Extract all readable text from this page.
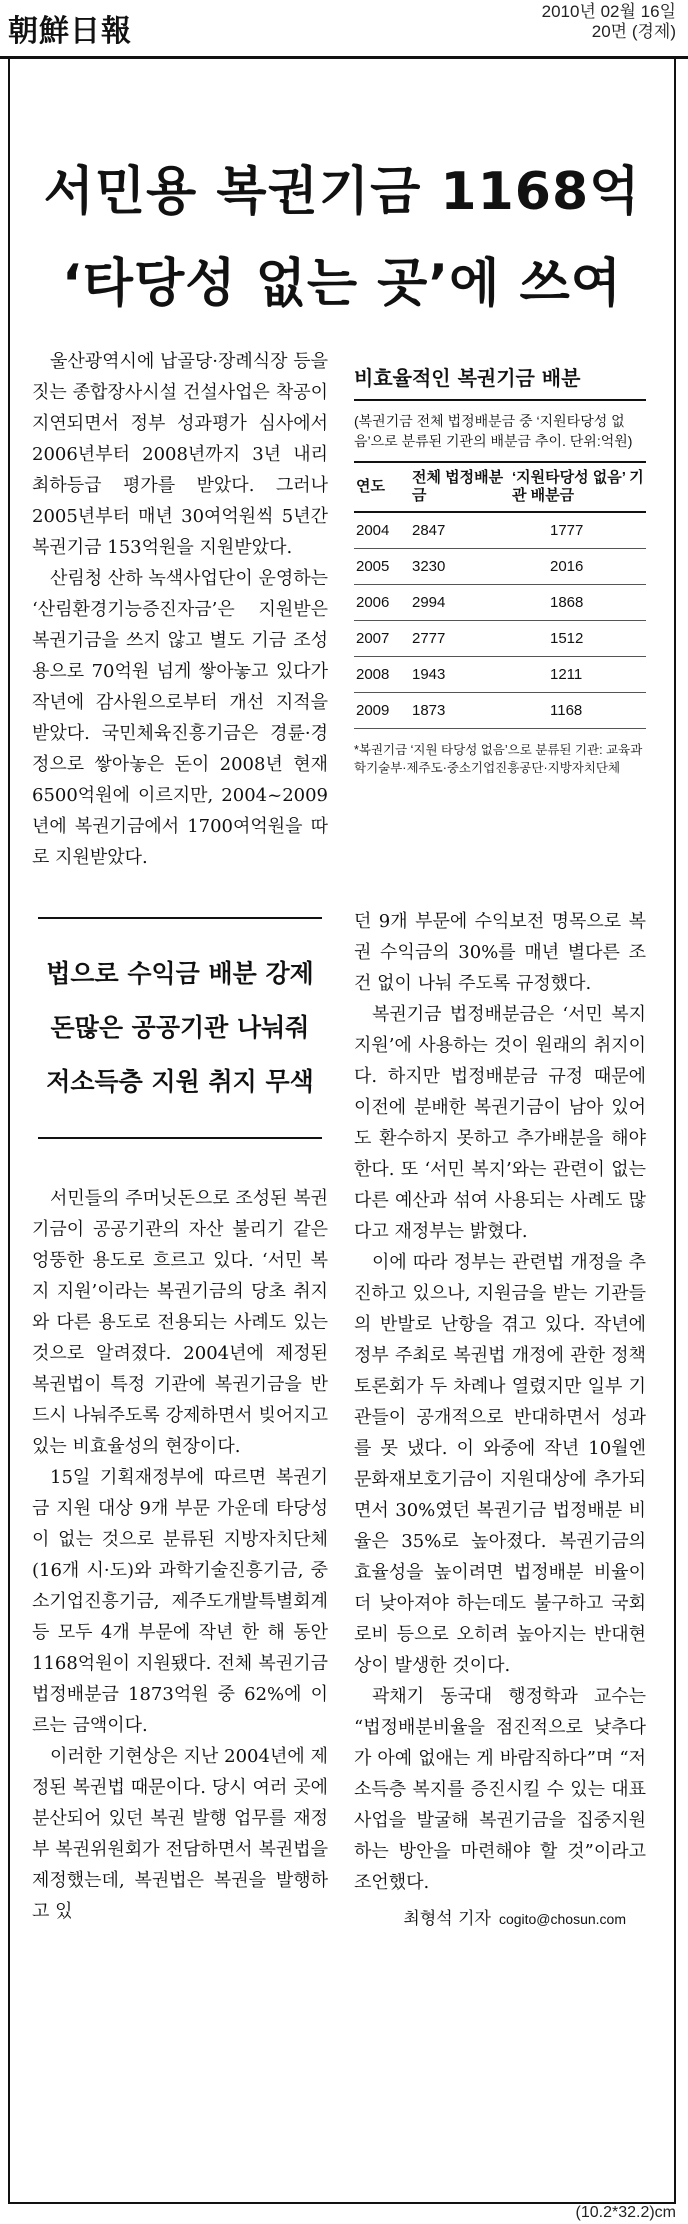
朝鮮日報
2010년 02월 16일
20면 (경제)
서민용 복권기금 1168억
‘타당성 없는 곳’에 쓰여

울산광역시에 납골당·장례식장 등을 짓는 종합장사시설 건설사업은 착공이 지연되면서 정부 성과평가 심사에서 2006년부터 2008년까지 3년 내리 최하등급 평가를 받았다. 그러나 2005년부터 매년 30여억원씩 5년간 복권기금 153억원을 지원받았다.

산림청 산하 녹색사업단이 운영하는 ‘산림환경기능증진자금’은 지원받은 복권기금을 쓰지 않고 별도 기금 조성용으로 70억원 넘게 쌓아놓고 있다가 작년에 감사원으로부터 개선 지적을 받았다. 국민체육진흥기금은 경륜·경정으로 쌓아놓은 돈이 2008년 현재 6500억원에 이르지만, 2004~2009년에 복권기금에서 1700여억원을 따로 지원받았다.

법으로 수익금 배분 강제
돈많은 공공기관 나눠줘
저소득층 지원 취지 무색

서민들의 주머닛돈으로 조성된 복권기금이 공공기관의 자산 불리기 같은 엉뚱한 용도로 흐르고 있다. ‘서민 복지 지원’이라는 복권기금의 당초 취지와 다른 용도로 전용되는 사례도 있는 것으로 알려졌다. 2004년에 제정된 복권법이 특정 기관에 복권기금을 반드시 나눠주도록 강제하면서 빚어지고 있는 비효율성의 현장이다.

15일 기획재정부에 따르면 복권기금 지원 대상 9개 부문 가운데 타당성이 없는 것으로 분류된 지방자치단체(16개 시·도)와 과학기술진흥기금, 중소기업진흥기금, 제주도개발특별회계 등 모두 4개 부문에 작년 한 해 동안 1168억원이 지원됐다. 전체 복권기금 법정배분금 1873억원 중 62%에 이르는 금액이다.

이러한 기현상은 지난 2004년에 제정된 복권법 때문이다. 당시 여러 곳에 분산되어 있던 복권 발행 업무를 재정부 복권위원회가 전담하면서 복권법을 제정했는데, 복권법은 복권을 발행하고 있

비효율적인 복권기금 배분
(복권기금 전체 법정배분금 중 ‘지원타당성 없음’으로 분류된 기관의 배분금 추이. 단위:억원)
연도	전체 법정배분금	‘지원타당성 없음’ 기관 배분금
2004	2847	1777
2005	3230	2016
2006	2994	1868
2007	2777	1512
2008	1943	1211
2009	1873	1168
*복권기금 ‘지원 타당성 없음’으로 분류된 기관: 교육과학기술부·제주도·중소기업진흥공단·지방자치단체

던 9개 부문에 수익보전 명목으로 복권 수익금의 30%를 매년 별다른 조건 없이 나눠 주도록 규정했다.

복권기금 법정배분금은 ‘서민 복지 지원’에 사용하는 것이 원래의 취지이다. 하지만 법정배분금 규정 때문에 이전에 분배한 복권기금이 남아 있어도 환수하지 못하고 추가배분을 해야 한다. 또 ‘서민 복지’와는 관련이 없는 다른 예산과 섞여 사용되는 사례도 많다고 재정부는 밝혔다.

이에 따라 정부는 관련법 개정을 추진하고 있으나, 지원금을 받는 기관들의 반발로 난항을 겪고 있다. 작년에 정부 주최로 복권법 개정에 관한 정책 토론회가 두 차례나 열렸지만 일부 기관들이 공개적으로 반대하면서 성과를 못 냈다. 이 와중에 작년 10월엔 문화재보호기금이 지원대상에 추가되면서 30%였던 복권기금 법정배분 비율은 35%로 높아졌다. 복권기금의 효율성을 높이려면 법정배분 비율이 더 낮아져야 하는데도 불구하고 국회로비 등으로 오히려 높아지는 반대현상이 발생한 것이다.

곽채기 동국대 행정학과 교수는 “법정배분비율을 점진적으로 낮추다가 아예 없애는 게 바람직하다”며 “저소득층 복지를 증진시킬 수 있는 대표사업을 발굴해 복권기금을 집중지원하는 방안을 마련해야 할 것”이라고 조언했다.

최형석 기자 cogito@chosun.com
(10.2*32.2)cm
